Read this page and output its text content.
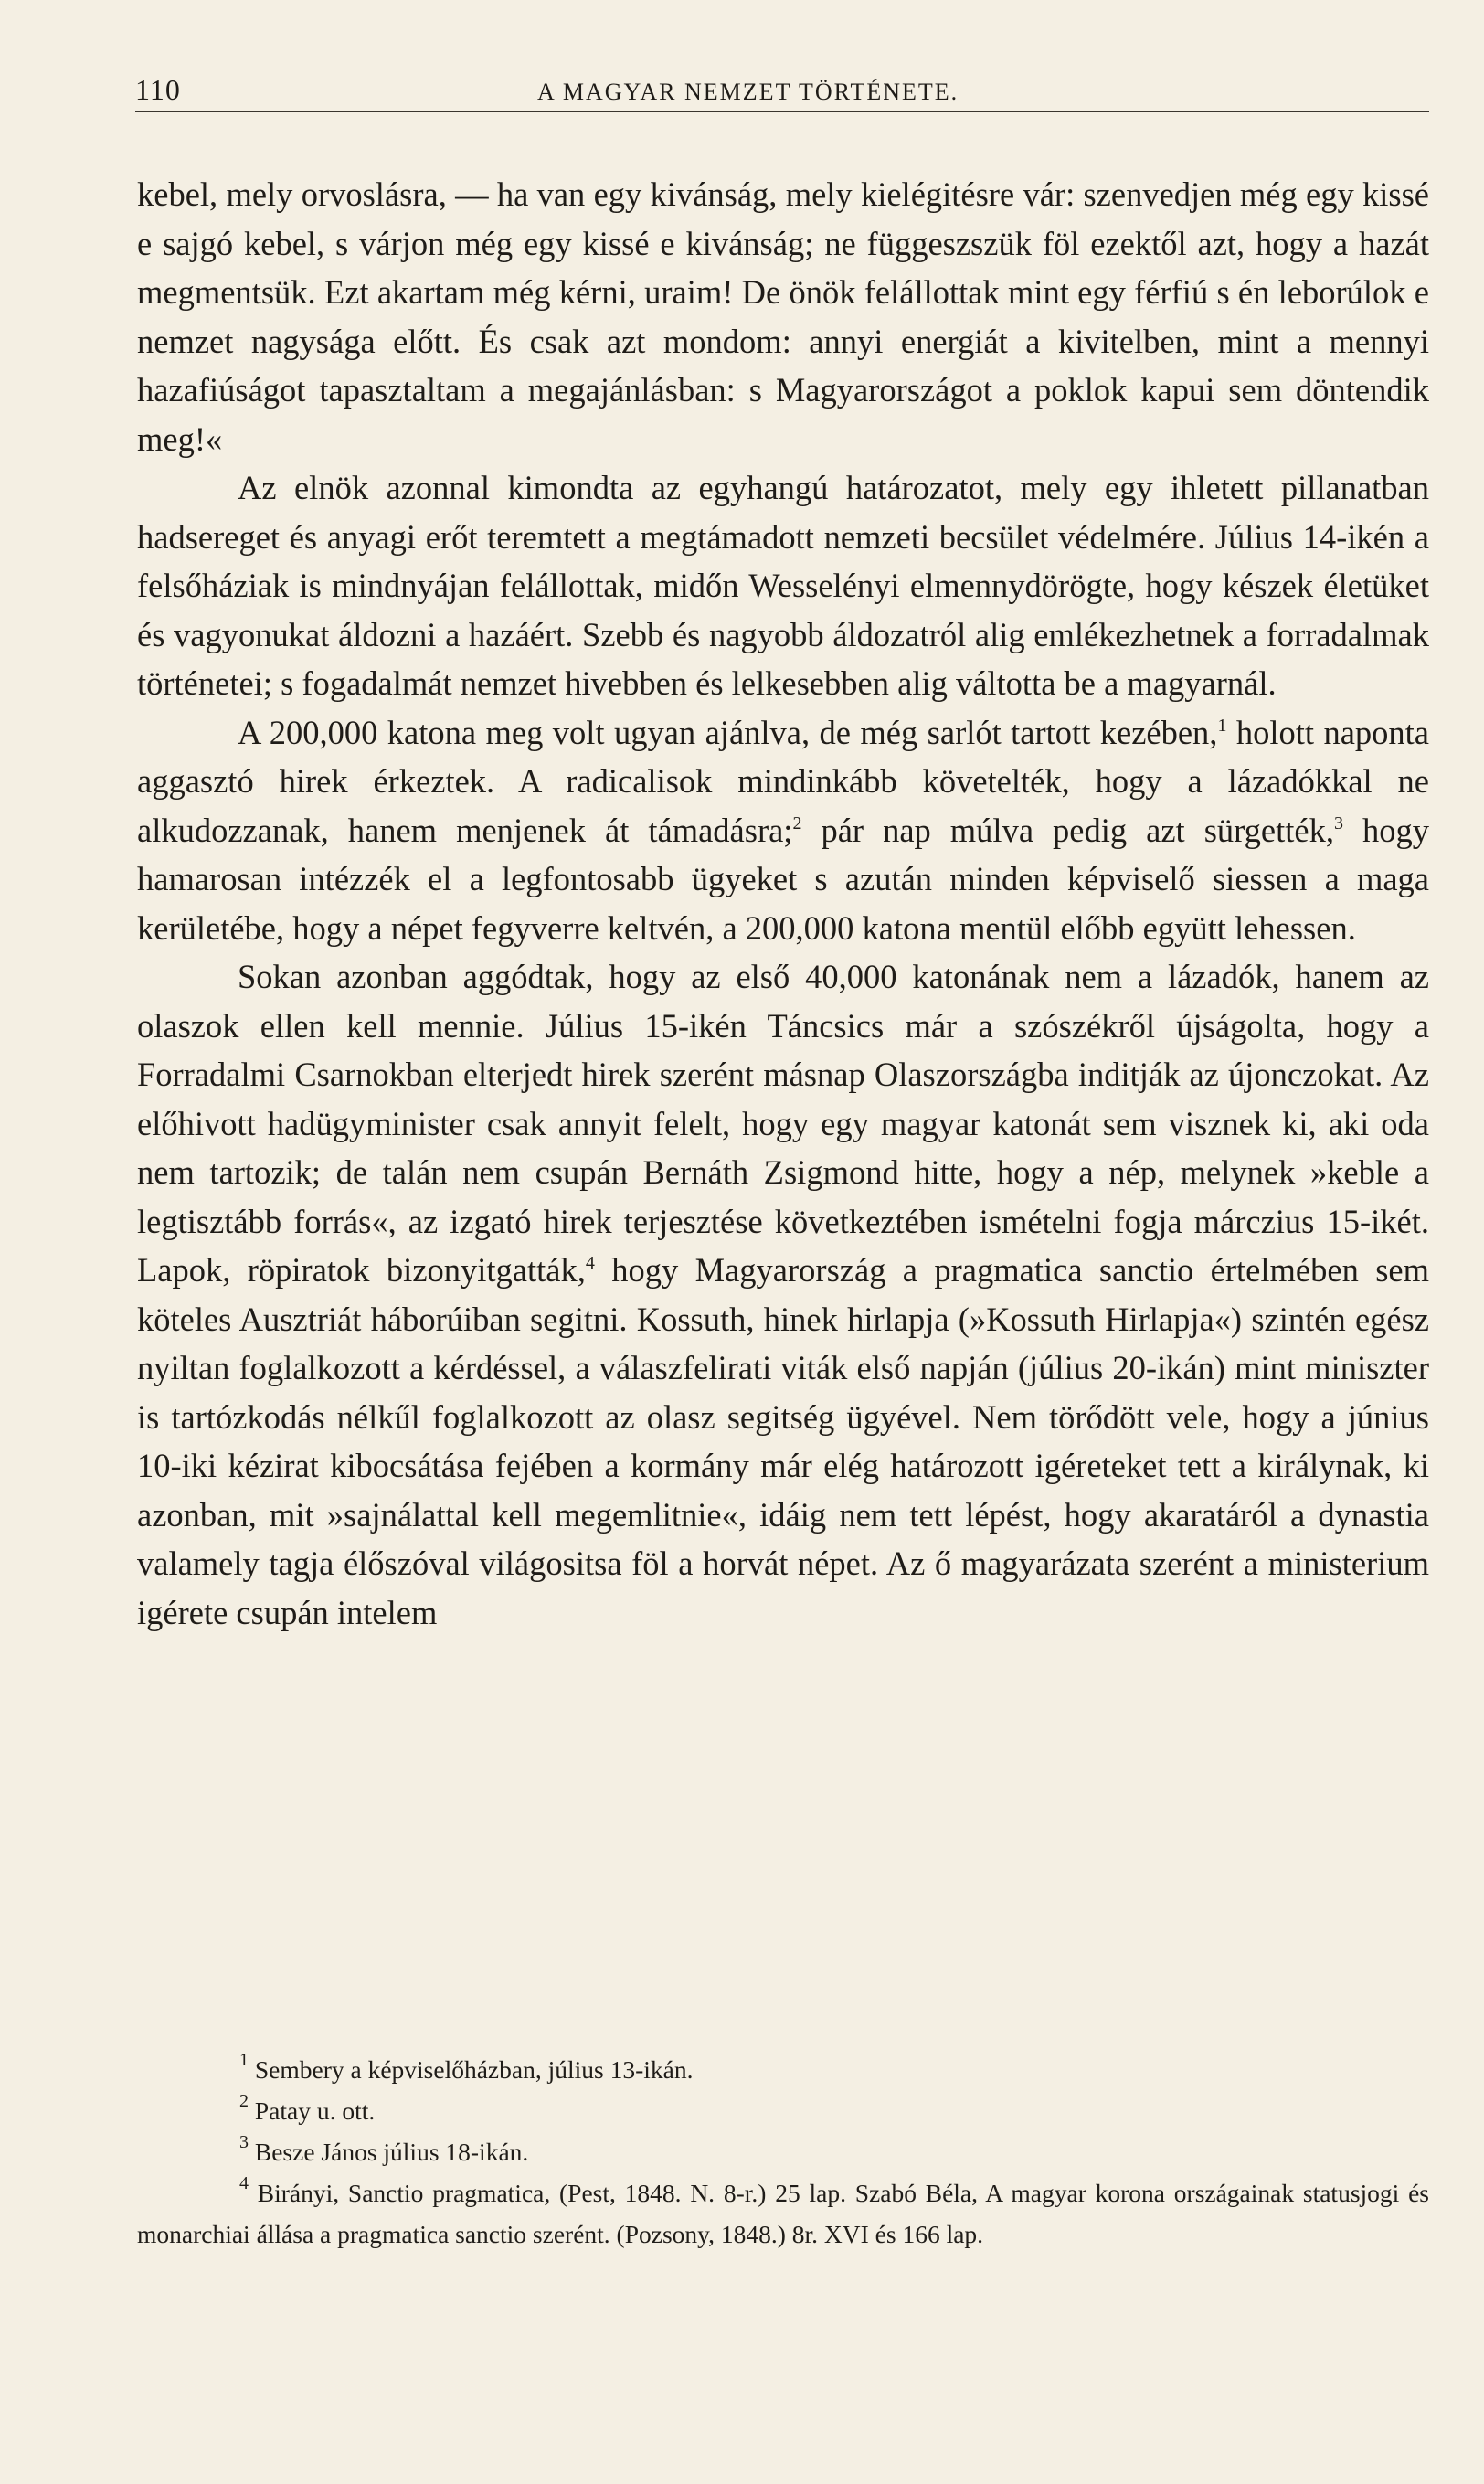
110	A MAGYAR NEMZET TÖRTÉNETE.

kebel, mely orvoslásra, — ha van egy kivánság, mely kielégitésre vár: szenvedjen még egy kissé e sajgó kebel, s várjon még egy kissé e kivánság; ne függeszszük föl ezektől azt, hogy a hazát megmentsük. Ezt akartam még kérni, uraim! De önök felállottak mint egy férfiú s én leborúlok e nemzet nagysága előtt. És csak azt mondom: annyi energiát a kivitelben, mint a mennyi hazafiúságot tapasztaltam a megajánlásban: s Magyarországot a poklok kapui sem döntendik meg!«

Az elnök azonnal kimondta az egyhangú határozatot, mely egy ihletett pillanatban hadsereget és anyagi erőt teremtett a megtámadott nemzeti becsület védelmére. Július 14-ikén a felsőháziak is mindnyájan felállottak, midőn Wesselényi elmennydörögte, hogy készek életüket és vagyonukat áldozni a hazáért. Szebb és nagyobb áldozatról alig emlékezhetnek a forradalmak történetei; s fogadalmát nemzet hivebben és lelkesebben alig váltotta be a magyarnál.

A 200,000 katona meg volt ugyan ajánlva, de még sarlót tartott kezében,$^1$ holott naponta aggasztó hirek érkeztek. A radicalisok mindinkább követelték, hogy a lázadókkal ne alkudozzanak, hanem menjenek át támadásra;$^2$ pár nap múlva pedig azt sürgették,$^3$ hogy hamarosan intézzék el a legfontosabb ügyeket s azután minden képviselő siessen a maga kerületébe, hogy a népet fegyverre keltvén, a 200,000 katona mentül előbb együtt lehessen.

Sokan azonban aggódtak, hogy az első 40,000 katonának nem a lázadók, hanem az olaszok ellen kell mennie. Július 15-ikén Táncsics már a szószékről újságolta, hogy a Forradalmi Csarnokban elterjedt hirek szerént másnap Olaszországba inditják az újonczokat. Az előhivott hadügyminister csak annyit felelt, hogy egy magyar katonát sem visznek ki, aki oda nem tartozik; de talán nem csupán Bernáth Zsigmond hitte, hogy a nép, melynek »keble a legtisztább forrás«, az izgató hirek terjesztése következtében ismételni fogja márczius 15-ikét. Lapok, röpiratok bizonyitgatták,$^4$ hogy Magyarország a pragmatica sanctio értelmében sem köteles Ausztriát háborúiban segitni. Kossuth, hinek hirlapja (»Kossuth Hirlapja«) szintén egész nyiltan foglalkozott a kérdéssel, a válaszfelirati viták első napján (július 20-ikán) mint miniszter is tartózkodás nélkűl foglalkozott az olasz segitség ügyével. Nem törődött vele, hogy a június 10-iki kézirat kibocsátása fejében a kormány már elég határozott igéreteket tett a királynak, ki azonban, mit »sajnálattal kell megemlitnie«, idáig nem tett lépést, hogy akaratáról a dynastia valamely tagja élőszóval világositsa föl a horvát népet. Az ő magyarázata szerént a ministerium igérete csupán intelem

$^1$ Sembery a képviselőházban, július 13-ikán.

$^2$ Patay u. ott.

$^3$ Besze János július 18-ikán.

$^4$ Birányi, Sanctio pragmatica, (Pest, 1848. N. 8-r.) 25 lap. Szabó Béla, A magyar korona országainak statusjogi és monarchiai állása a pragmatica sanctio szerént. (Pozsony, 1848.) 8r. XVI és 166 lap.
